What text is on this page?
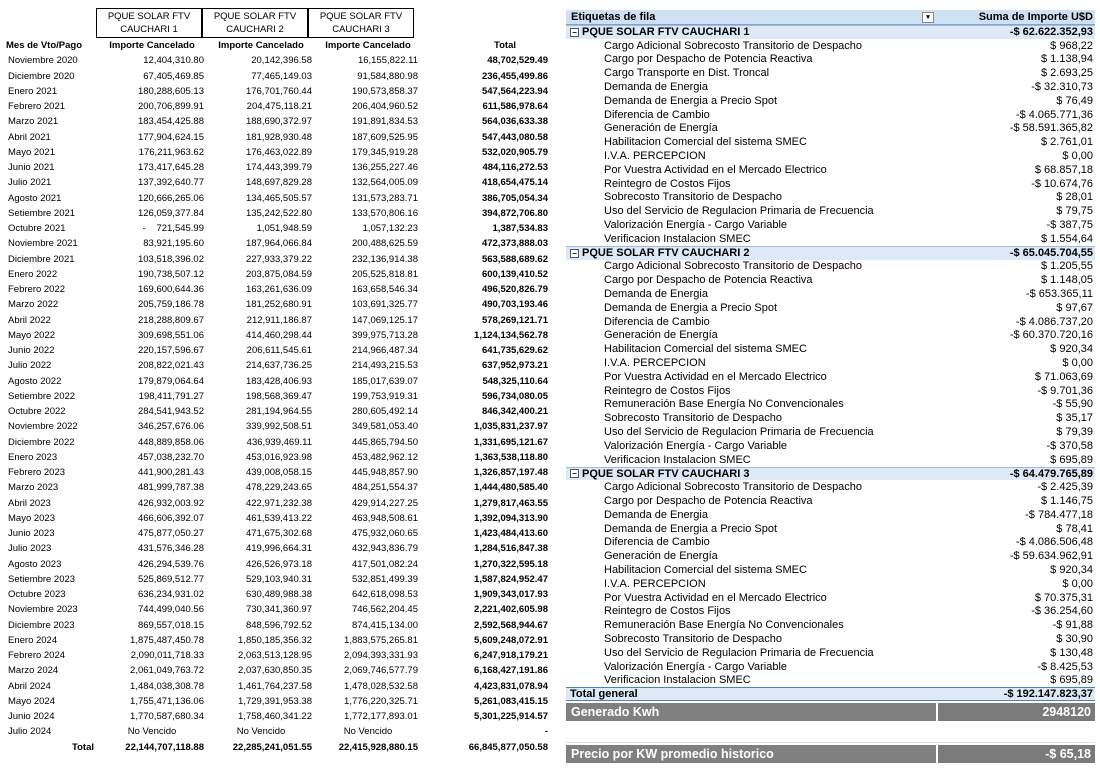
PQUE SOLAR FTV
CAUCHARI 1
PQUE SOLAR FTV
CAUCHARI 2
PQUE SOLAR FTV
CAUCHARI 3
Mes de Vto/Pago	Importe Cancelado	Importe Cancelado	Importe Cancelado	Total
Noviembre 2020	12,404,310.80	20,142,396.58	16,155,822.11	48,702,529.49
Diciembre 2020	67,405,469.85	77,465,149.03	91,584,880.98	236,455,499.86
Enero 2021	180,288,605.13	176,701,760.44	190,573,858.37	547,564,223.94
Febrero 2021	200,706,899.91	204,475,118.21	206,404,960.52	611,586,978.64
Marzo 2021	183,454,425.88	188,690,372.97	191,891,834.53	564,036,633.38
Abril 2021	177,904,624.15	181,928,930.48	187,609,525.95	547,443,080.58
Mayo 2021	176,211,963.62	176,463,022.89	179,345,919.28	532,020,905.79
Junio 2021	173,417,645.28	174,443,399.79	136,255,227.46	484,116,272.53
Julio 2021	137,392,640.77	148,697,829.28	132,564,005.09	418,654,475.14
Agosto 2021	120,666,265.06	134,465,505.57	131,573,283.71	386,705,054.34
Setiembre 2021	126,059,377.84	135,242,522.80	133,570,806.16	394,872,706.80
Octubre 2021	- 721,545.99	1,051,948.59	1,057,132.23	1,387,534.83
Noviembre 2021	83,921,195.60	187,964,066.84	200,488,625.59	472,373,888.03
Diciembre 2021	103,518,396.02	227,933,379.22	232,136,914.38	563,588,689.62
Enero 2022	190,738,507.12	203,875,084.59	205,525,818.81	600,139,410.52
Febrero 2022	169,600,644.36	163,261,636.09	163,658,546.34	496,520,826.79
Marzo 2022	205,759,186.78	181,252,680.91	103,691,325.77	490,703,193.46
Abril 2022	218,288,809.67	212,911,186.87	147,069,125.17	578,269,121.71
Mayo 2022	309,698,551.06	414,460,298.44	399,975,713.28	1,124,134,562.78
Junio 2022	220,157,596.67	206,611,545.61	214,966,487.34	641,735,629.62
Julio 2022	208,822,021.43	214,637,736.25	214,493,215.53	637,952,973.21
Agosto 2022	179,879,064.64	183,428,406.93	185,017,639.07	548,325,110.64
Setiembre 2022	198,411,791.27	198,568,369.47	199,753,919.31	596,734,080.05
Octubre 2022	284,541,943.52	281,194,964.55	280,605,492.14	846,342,400.21
Noviembre 2022	346,257,676.06	339,992,508.51	349,581,053.40	1,035,831,237.97
Diciembre 2022	448,889,858.06	436,939,469.11	445,865,794.50	1,331,695,121.67
Enero 2023	457,038,232.70	453,016,923.98	453,482,962.12	1,363,538,118.80
Febrero 2023	441,900,281.43	439,008,058.15	445,948,857.90	1,326,857,197.48
Marzo 2023	481,999,787.38	478,229,243.65	484,251,554.37	1,444,480,585.40
Abril 2023	426,932,003.92	422,971,232.38	429,914,227.25	1,279,817,463.55
Mayo 2023	466,606,392.07	461,539,413.22	463,948,508.61	1,392,094,313.90
Junio 2023	475,877,050.27	471,675,302.68	475,932,060.65	1,423,484,413.60
Julio 2023	431,576,346.28	419,996,664.31	432,943,836.79	1,284,516,847.38
Agosto 2023	426,294,539.76	426,526,973.18	417,501,082.24	1,270,322,595.18
Setiembre 2023	525,869,512.77	529,103,940.31	532,851,499.39	1,587,824,952.47
Octubre 2023	636,234,931.02	630,489,988.38	642,618,098.53	1,909,343,017.93
Noviembre 2023	744,499,040.56	730,341,360.97	746,562,204.45	2,221,402,605.98
Diciembre 2023	869,557,018.15	848,596,792.52	874,415,134.00	2,592,568,944.67
Enero 2024	1,875,487,450.78	1,850,185,356.32	1,883,575,265.81	5,609,248,072.91
Febrero 2024	2,090,011,718.33	2,063,513,128.95	2,094,393,331.93	6,247,918,179.21
Marzo 2024	2,061,049,763.72	2,037,630,850.35	2,069,746,577.79	6,168,427,191.86
Abril 2024	1,484,038,308.78	1,461,764,237.58	1,478,028,532.58	4,423,831,078.94
Mayo 2024	1,755,471,136.06	1,729,391,953.38	1,776,220,325.71	5,261,083,415.15
Junio 2024	1,770,587,680.34	1,758,460,341.22	1,772,177,893.01	5,301,225,914.57
Julio 2024	No Vencido	No Vencido	No Vencido	-
Total	22,144,707,118.88	22,285,241,051.55	22,415,928,880.15	66,845,877,050.58
Etiquetas de fila	▾	Suma de Importe U$D
− PQUE SOLAR FTV CAUCHARI 1	-$ 62.622.352,93
Cargo Adicional Sobrecosto Transitorio de Despacho	$ 968,22
Cargo por Despacho de Potencia Reactiva	$ 1.138,94
Cargo Transporte en Dist. Troncal	$ 2.693,25
Demanda de Energia	-$ 32.310,73
Demanda de Energia a Precio Spot	$ 76,49
Diferencia de Cambio	-$ 4.065.771,36
Generación de Energía	-$ 58.591.365,82
Habilitacion Comercial del sistema SMEC	$ 2.761,01
I.V.A. PERCEPCION	$ 0,00
Por Vuestra Actividad en el Mercado Electrico	$ 68.857,18
Reintegro de Costos Fijos	-$ 10.674,76
Sobrecosto Transitorio de Despacho	$ 28,01
Uso del Servicio de Regulacion Primaria de Frecuencia	$ 79,75
Valorización Energía - Cargo Variable	-$ 387,75
Verificacion Instalacion SMEC	$ 1.554,64
− PQUE SOLAR FTV CAUCHARI 2	-$ 65.045.704,55
Cargo Adicional Sobrecosto Transitorio de Despacho	$ 1.205,55
Cargo por Despacho de Potencia Reactiva	$ 1.148,05
Demanda de Energia	-$ 653.365,11
Demanda de Energia a Precio Spot	$ 97,67
Diferencia de Cambio	-$ 4.086.737,20
Generación de Energía	-$ 60.370.720,16
Habilitacion Comercial del sistema SMEC	$ 920,34
I.V.A. PERCEPCION	$ 0,00
Por Vuestra Actividad en el Mercado Electrico	$ 71.063,69
Reintegro de Costos Fijos	-$ 9.701,36
Remuneración Base Energía No Convencionales	-$ 55,90
Sobrecosto Transitorio de Despacho	$ 35,17
Uso del Servicio de Regulacion Primaria de Frecuencia	$ 79,39
Valorización Energía - Cargo Variable	-$ 370,58
Verificacion Instalacion SMEC	$ 695,89
− PQUE SOLAR FTV CAUCHARI 3	-$ 64.479.765,89
Cargo Adicional Sobrecosto Transitorio de Despacho	-$ 2.425,39
Cargo por Despacho de Potencia Reactiva	$ 1.146,75
Demanda de Energia	-$ 784.477,18
Demanda de Energia a Precio Spot	$ 78,41
Diferencia de Cambio	-$ 4.086.506,48
Generación de Energía	-$ 59.634.962,91
Habilitacion Comercial del sistema SMEC	$ 920,34
I.V.A. PERCEPCION	$ 0,00
Por Vuestra Actividad en el Mercado Electrico	$ 70.375,31
Reintegro de Costos Fijos	-$ 36.254,60
Remuneración Base Energía No Convencionales	-$ 91,88
Sobrecosto Transitorio de Despacho	$ 30,90
Uso del Servicio de Regulacion Primaria de Frecuencia	$ 130,48
Valorización Energía - Cargo Variable	-$ 8.425,53
Verificacion Instalacion SMEC	$ 695,89
Total general	-$ 192.147.823,37
Generado Kwh	2948120
Precio por KW promedio historico	-$ 65,18
